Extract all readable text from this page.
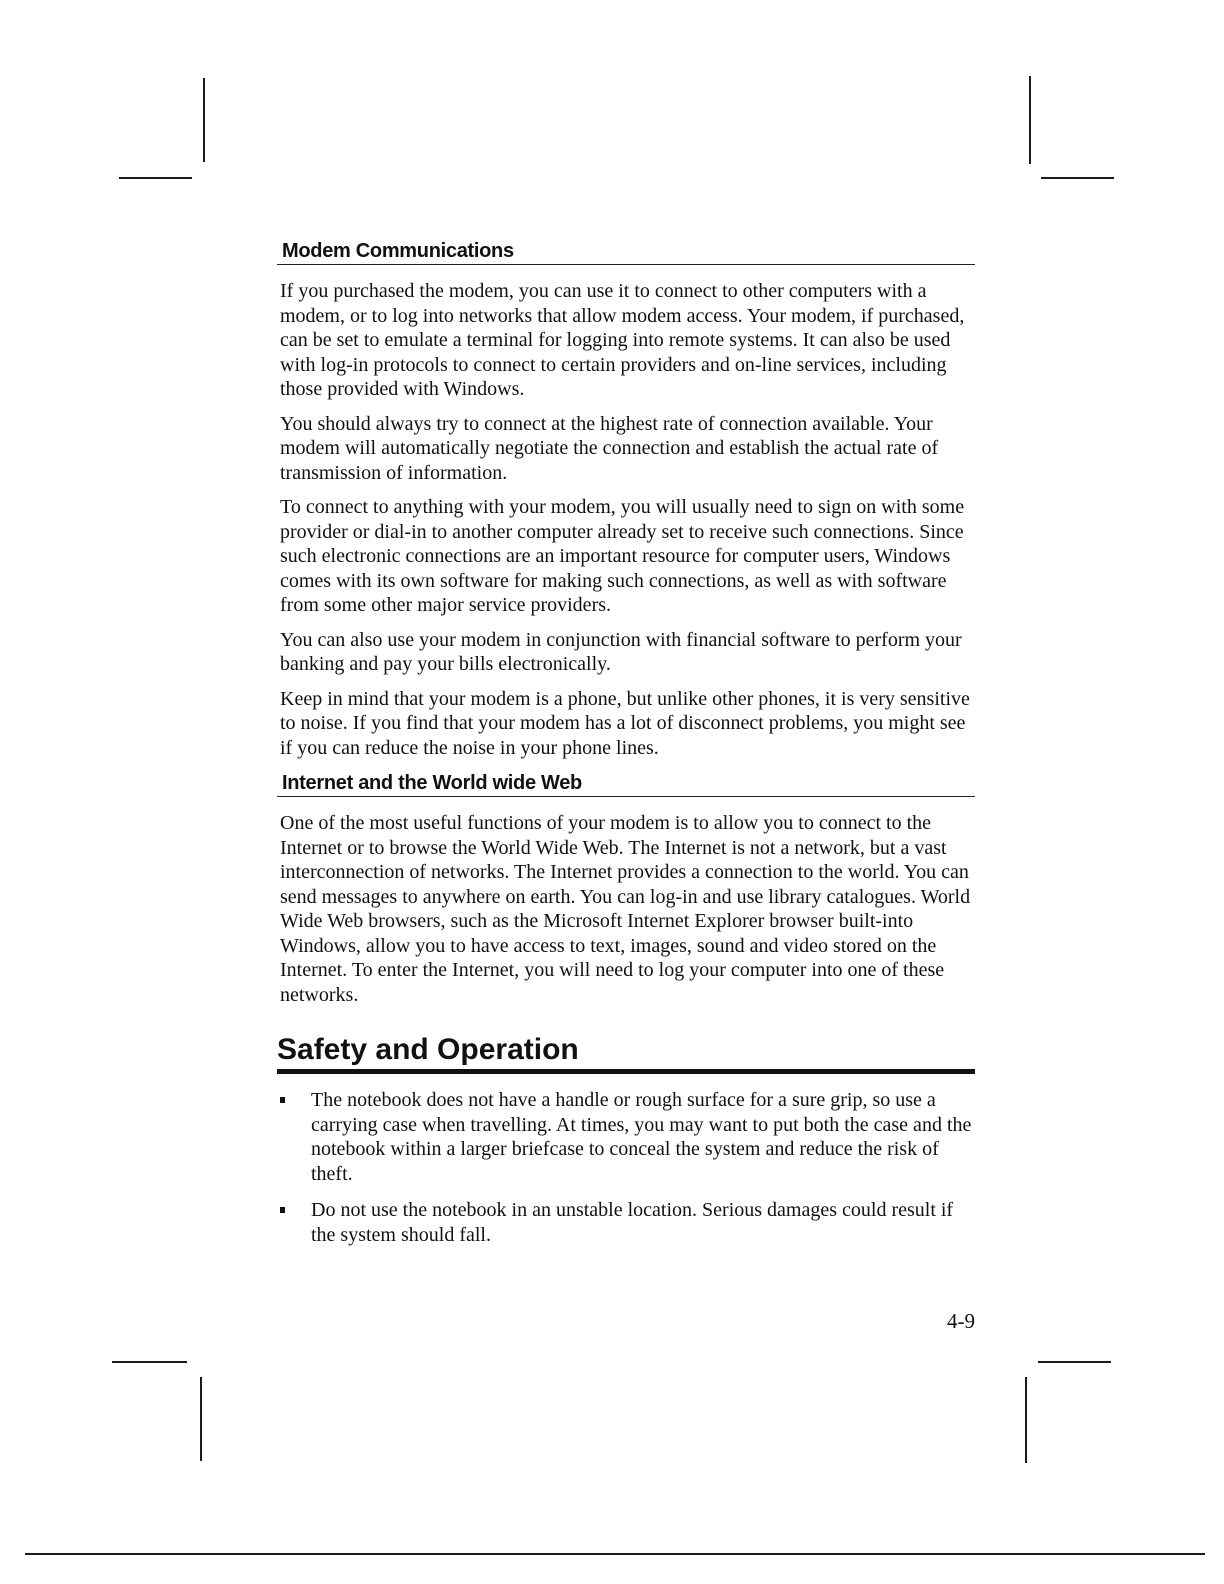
Modem Communications

If you purchased the modem, you can use it to connect to other computers with a modem, or to log into networks that allow modem access. Your modem, if purchased, can be set to emulate a terminal for logging into remote systems. It can also be used with log-in protocols to connect to certain providers and on-line services, including those provided with Windows.

You should always try to connect at the highest rate of connection available. Your modem will automatically negotiate the connection and establish the actual rate of transmission of information.

To connect to anything with your modem, you will usually need to sign on with some provider or dial-in to another computer already set to receive such connections. Since such electronic connections are an important resource for computer users, Windows comes with its own software for making such connections, as well as with software from some other major service providers.

You can also use your modem in conjunction with financial software to perform your banking and pay your bills electronically.

Keep in mind that your modem is a phone, but unlike other phones, it is very sensitive to noise. If you find that your modem has a lot of disconnect problems, you might see if you can reduce the noise in your phone lines.

Internet and the World wide Web

One of the most useful functions of your modem is to allow you to connect to the Internet or to browse the World Wide Web. The Internet is not a network, but a vast interconnection of networks. The Internet provides a connection to the world. You can send messages to anywhere on earth. You can log-in and use library catalogues. World Wide Web browsers, such as the Microsoft Internet Explorer browser built-into Windows, allow you to have access to text, images, sound and video stored on the Internet. To enter the Internet, you will need to log your computer into one of these networks.

Safety and Operation
The notebook does not have a handle or rough surface for a sure grip, so use a carrying case when travelling. At times, you may want to put both the case and the notebook within a larger briefcase to conceal the system and reduce the risk of theft.
Do not use the notebook in an unstable location. Serious damages could result if the system should fall.
4-9
